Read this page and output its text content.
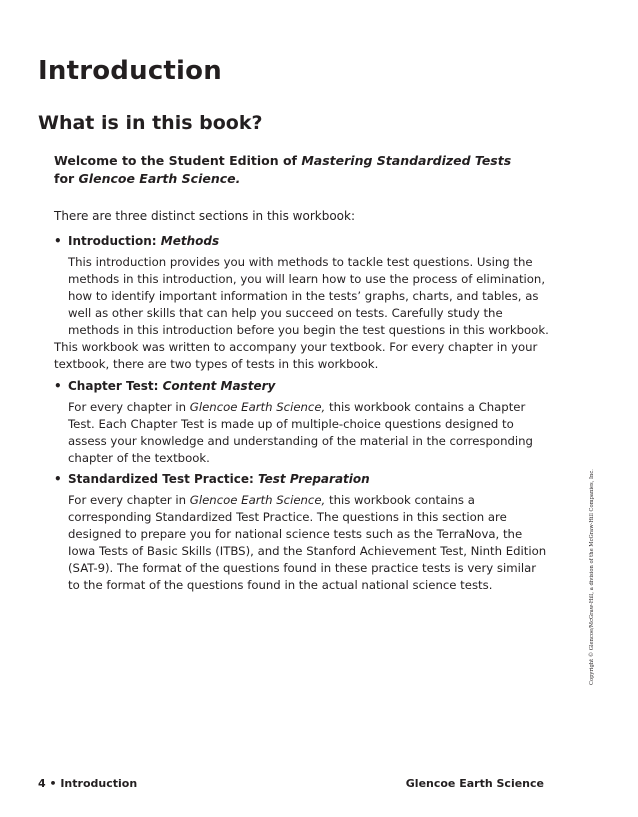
Introduction
What is in this book?
Welcome to the Student Edition of Mastering Standardized Tests for Glencoe Earth Science.
There are three distinct sections in this workbook:
• Introduction: Methods
This introduction provides you with methods to tackle test questions. Using the methods in this introduction, you will learn how to use the process of elimination, how to identify important information in the tests’ graphs, charts, and tables, as well as other skills that can help you succeed on tests. Carefully study the methods in this introduction before you begin the test questions in this workbook.
This workbook was written to accompany your textbook. For every chapter in your textbook, there are two types of tests in this workbook.
• Chapter Test: Content Mastery
For every chapter in Glencoe Earth Science, this workbook contains a Chapter Test. Each Chapter Test is made up of multiple-choice questions designed to assess your knowledge and understanding of the material in the corresponding chapter of the textbook.
• Standardized Test Practice: Test Preparation
For every chapter in Glencoe Earth Science, this workbook contains a corresponding Standardized Test Practice. The questions in this section are designed to prepare you for national science tests such as the TerraNova, the Iowa Tests of Basic Skills (ITBS), and the Stanford Achievement Test, Ninth Edition (SAT-9). The format of the questions found in these practice tests is very similar to the format of the questions found in the actual national science tests.	Copyright © Glencoe/McGraw-Hill, a division of the McGraw-Hill Companies, Inc.
4 • Introduction	Glencoe Earth Science
